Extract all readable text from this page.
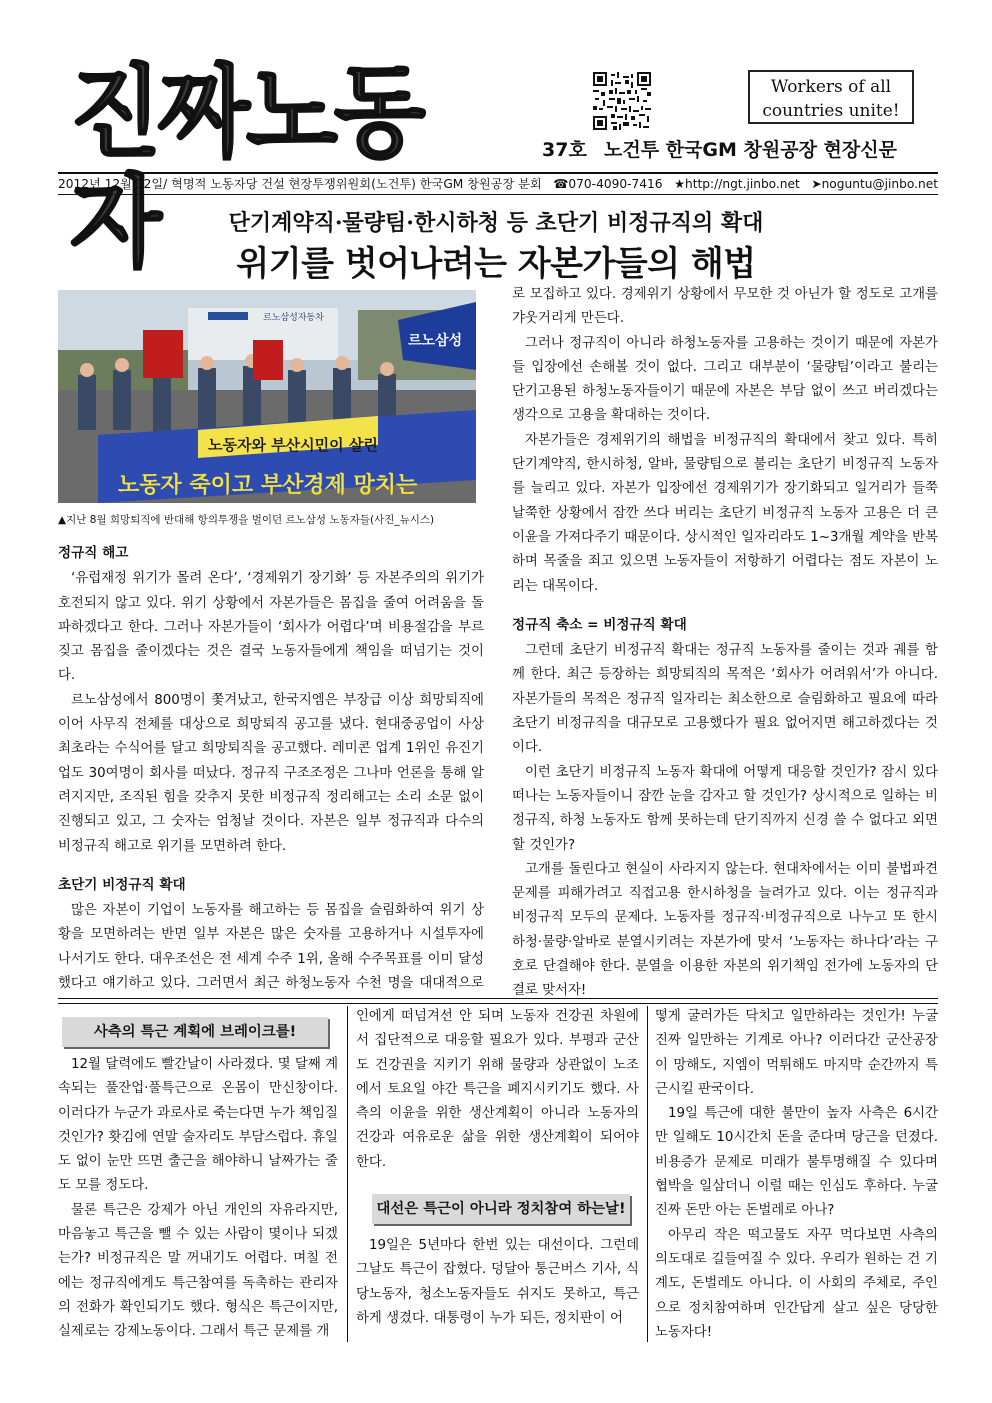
진짜노동자
Workers of all
countries unite!
37호 노건투 한국GM 창원공장 현장신문
2012년 12월 12일/ 혁명적 노동자당 건설 현장투쟁위원회(노건투) 한국GM 창원공장 분회 ☎070-4090-7416 ★http://ngt.jinbo.net ➤noguntu@jinbo.net
단기계약직·물량팀·한시하청 등 초단기 비정규직의 확대
위기를 벗어나려는 자본가들의 해법
르노삼성자동차
르노삼성
노동자와 부산시민이 살린
노동자 죽이고 부산경제 망치는
▲지난 8월 희망퇴직에 반대해 항의투쟁을 벌이던 르노삼성 노동자들(사진_뉴시스)
정규직 해고

‘유럽재정 위기가 몰려 온다’, ‘경제위기 장기화’ 등 자본주의의 위기가 호전되지 않고 있다. 위기 상황에서 자본가들은 몸집을 줄여 어려움을 돌파하겠다고 한다. 그러나 자본가들이 ‘회사가 어렵다’며 비용절감을 부르짖고 몸집을 줄이겠다는 것은 결국 노동자들에게 책임을 떠넘기는 것이다.

르노삼성에서 800명이 쫓겨났고, 한국지엠은 부장급 이상 희망퇴직에 이어 사무직 전체를 대상으로 희망퇴직 공고를 냈다. 현대중공업이 사상 최초라는 수식어를 달고 희망퇴직을 공고했다. 레미콘 업계 1위인 유진기업도 30여명이 회사를 떠났다. 정규직 구조조정은 그나마 언론을 통해 알려지지만, 조직된 힘을 갖추지 못한 비정규직 정리해고는 소리 소문 없이 진행되고 있고, 그 숫자는 엄청날 것이다. 자본은 일부 정규직과 다수의 비정규직 해고로 위기를 모면하려 한다.

초단기 비정규직 확대

많은 자본이 기업이 노동자를 해고하는 등 몸집을 슬림화하여 위기 상황을 모면하려는 반면 일부 자본은 많은 숫자를 고용하거나 시설투자에 나서기도 한다. 대우조선은 전 세계 수주 1위, 올해 수주목표를 이미 달성했다고 얘기하고 있다. 그러면서 최근 하청노동자 수천 명을 대대적으로

로 모집하고 있다. 경제위기 상황에서 무모한 것 아닌가 할 정도로 고개를 갸웃거리게 만든다.

그러나 정규직이 아니라 하청노동자를 고용하는 것이기 때문에 자본가들 입장에선 손해볼 것이 없다. 그리고 대부분이 ‘물량팀’이라고 불리는 단기고용된 하청노동자들이기 때문에 자본은 부담 없이 쓰고 버리겠다는 생각으로 고용을 확대하는 것이다.

자본가들은 경제위기의 해법을 비정규직의 확대에서 찾고 있다. 특히 단기계약직, 한시하청, 알바, 물량팀으로 불리는 초단기 비정규직 노동자를 늘리고 있다. 자본가 입장에선 경제위기가 장기화되고 일거리가 들쭉날쭉한 상황에서 잠깐 쓰다 버리는 초단기 비정규직 노동자 고용은 더 큰 이윤을 가져다주기 때문이다. 상시적인 일자리라도 1~3개월 계약을 반복하며 목줄을 죄고 있으면 노동자들이 저항하기 어렵다는 점도 자본이 노리는 대목이다.

정규직 축소 = 비정규직 확대

그런데 초단기 비정규직 확대는 정규직 노동자를 줄이는 것과 궤를 함께 한다. 최근 등장하는 희망퇴직의 목적은 ‘회사가 어려워서’가 아니다. 자본가들의 목적은 정규직 일자리는 최소한으로 슬림화하고 필요에 따라 초단기 비정규직을 대규모로 고용했다가 필요 없어지면 해고하겠다는 것이다.

이런 초단기 비정규직 노동자 확대에 어떻게 대응할 것인가? 잠시 있다 떠나는 노동자들이니 잠깐 눈을 감자고 할 것인가? 상시적으로 일하는 비정규직, 하청 노동자도 함께 못하는데 단기직까지 신경 쓸 수 없다고 외면할 것인가?

고개를 돌린다고 현실이 사라지지 않는다. 현대차에서는 이미 불법파견 문제를 피해가려고 직접고용 한시하청을 늘려가고 있다. 이는 정규직과 비정규직 모두의 문제다. 노동자를 정규직·비정규직으로 나누고 또 한시하청·물량·알바로 분열시키려는 자본가에 맞서 ‘노동자는 하나다’라는 구호로 단결해야 한다. 분열을 이용한 자본의 위기책임 전가에 노동자의 단결로 맞서자!

사측의 특근 계획에 브레이크를!

12월 달력에도 빨간날이 사라졌다. 몇 달째 계속되는 풀잔업·풀특근으로 온몸이 만신창이다. 이러다가 누군가 과로사로 죽는다면 누가 책임질 것인가? 홧김에 연말 술자리도 부담스럽다. 휴일도 없이 눈만 뜨면 출근을 해야하니 날짜가는 줄도 모를 정도다.

물론 특근은 강제가 아닌 개인의 자유라지만, 마음놓고 특근을 뺄 수 있는 사람이 몇이나 되겠는가? 비정규직은 말 꺼내기도 어렵다. 며칠 전에는 정규직에게도 특근참여를 독촉하는 관리자의 전화가 확인되기도 했다. 형식은 특근이지만, 실제로는 강제노동이다. 그래서 특근 문제를 개

인에게 떠넘겨선 안 되며 노동자 건강권 차원에서 집단적으로 대응할 필요가 있다. 부평과 군산도 건강권을 지키기 위해 물량과 상관없이 노조에서 토요일 야간 특근을 폐지시키기도 했다. 사측의 이윤을 위한 생산계획이 아니라 노동자의 건강과 여유로운 삶을 위한 생산계획이 되어야 한다.

대선은 특근이 아니라 정치참여 하는날!

19일은 5년마다 한번 있는 대선이다. 그런데 그날도 특근이 잡혔다. 덩달아 통근버스 기사, 식당노동자, 청소노동자들도 쉬지도 못하고, 특근하게 생겼다. 대통령이 누가 되든, 정치판이 어

떻게 굴러가든 닥치고 일만하라는 것인가! 누굴 진짜 일만하는 기계로 아나? 이러다간 군산공장이 망해도, 지엠이 먹튀해도 마지막 순간까지 특근시킬 판국이다.

19일 특근에 대한 불만이 높자 사측은 6시간만 일해도 10시간치 돈을 준다며 당근을 던졌다. 비용증가 문제로 미래가 불투명해질 수 있다며 협박을 일삼더니 이럴 때는 인심도 후하다. 누굴 진짜 돈만 아는 돈벌레로 아나?

아무리 작은 떡고물도 자꾸 먹다보면 사측의 의도대로 길들여질 수 있다. 우리가 원하는 건 기계도, 돈벌레도 아니다. 이 사회의 주체로, 주인으로 정치참여하며 인간답게 살고 싶은 당당한 노동자다!
